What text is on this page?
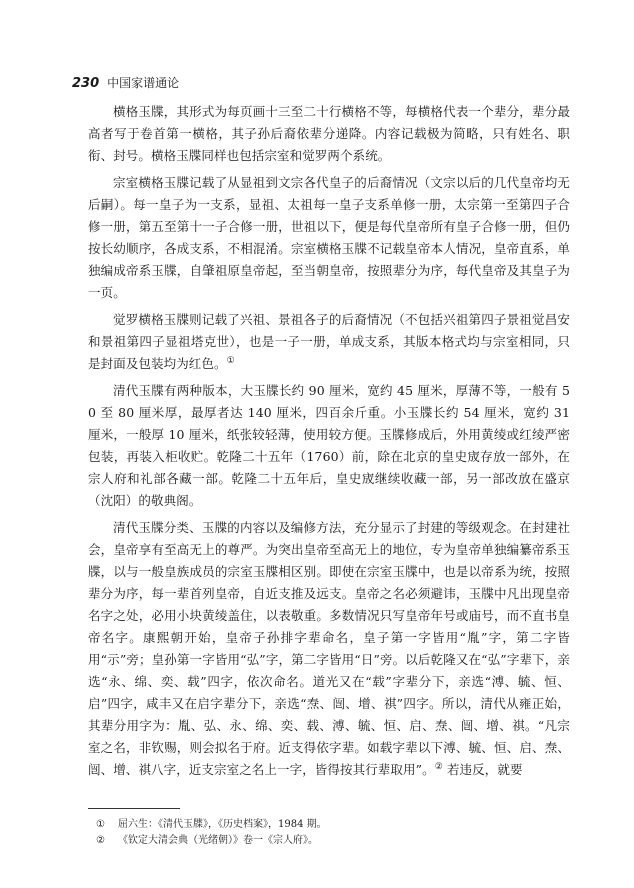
230 中国家谱通论

横格玉牒，其形式为每页画十三至二十行横格不等，每横格代表一个辈分，辈分最高者写于卷首第一横格，其子孙后裔依辈分递降。内容记载极为简略，只有姓名、职衔、封号。横格玉牒同样也包括宗室和觉罗两个系统。

宗室横格玉牒记载了从显祖到文宗各代皇子的后裔情况（文宗以后的几代皇帝均无后嗣）。每一皇子为一支系，显祖、太祖每一皇子支系单修一册，太宗第一至第四子合修一册，第五至第十一子合修一册，世祖以下，便是每代皇帝所有皇子合修一册，但仍按长幼顺序，各成支系，不相混淆。宗室横格玉牒不记载皇帝本人情况，皇帝直系，单独编成帝系玉牒，自肇祖原皇帝起，至当朝皇帝，按照辈分为序，每代皇帝及其皇子为一页。

觉罗横格玉牒则记载了兴祖、景祖各子的后裔情况（不包括兴祖第四子景祖觉昌安和景祖第四子显祖塔克世），也是一子一册，单成支系，其版本格式均与宗室相同，只是封面及包装均为红色。①

清代玉牒有两种版本，大玉牒长约 90 厘米，宽约 45 厘米，厚薄不等，一般有 50 至 80 厘米厚，最厚者达 140 厘米，四百余斤重。小玉牒长约 54 厘米，宽约 31 厘米，一般厚 10 厘米，纸张较轻薄，使用较方便。玉牒修成后，外用黄绫或红绫严密包装，再装入柜收贮。乾隆二十五年（1760）前，除在北京的皇史宬存放一部外，在宗人府和礼部各藏一部。乾隆二十五年后，皇史宬继续收藏一部，另一部改放在盛京（沈阳）的敬典阁。

清代玉牒分类、玉牒的内容以及编修方法，充分显示了封建的等级观念。在封建社会，皇帝享有至高无上的尊严。为突出皇帝至高无上的地位，专为皇帝单独编纂帝系玉牒，以与一般皇族成员的宗室玉牒相区别。即使在宗室玉牒中，也是以帝系为统，按照辈分为序，每一辈首列皇帝，自近支推及远支。皇帝之名必须避讳，玉牒中凡出现皇帝名字之处，必用小块黄绫盖住，以表敬重。多数情况只写皇帝年号或庙号，而不直书皇帝名字。康熙朝开始，皇帝子孙排字辈命名，皇子第一字皆用“胤”字，第二字皆用“示”旁；皇孙第一字皆用“弘”字，第二字皆用“日”旁。以后乾隆又在“弘”字辈下，亲选“永、绵、奕、载”四字，依次命名。道光又在“载”字辈分下，亲选“溥、毓、恒、启”四字，咸丰又在启字辈分下，亲选“焘、闿、增、祺”四字。所以，清代从雍正始，其辈分用字为：胤、弘、永、绵、奕、载、溥、毓、恒、启、焘、闿、增、祺。“凡宗室之名，非钦赐，则会拟名于府。近支得依字辈。如载字辈以下溥、毓、恒、启、焘、闿、增、祺八字，近支宗室之名上一字，皆得按其行辈取用”。② 若违反，就要

①	屈六生：《清代玉牒》，《历史档案》，1984 期。
②	《钦定大清会典（光绪朝）》卷一《宗人府》。
